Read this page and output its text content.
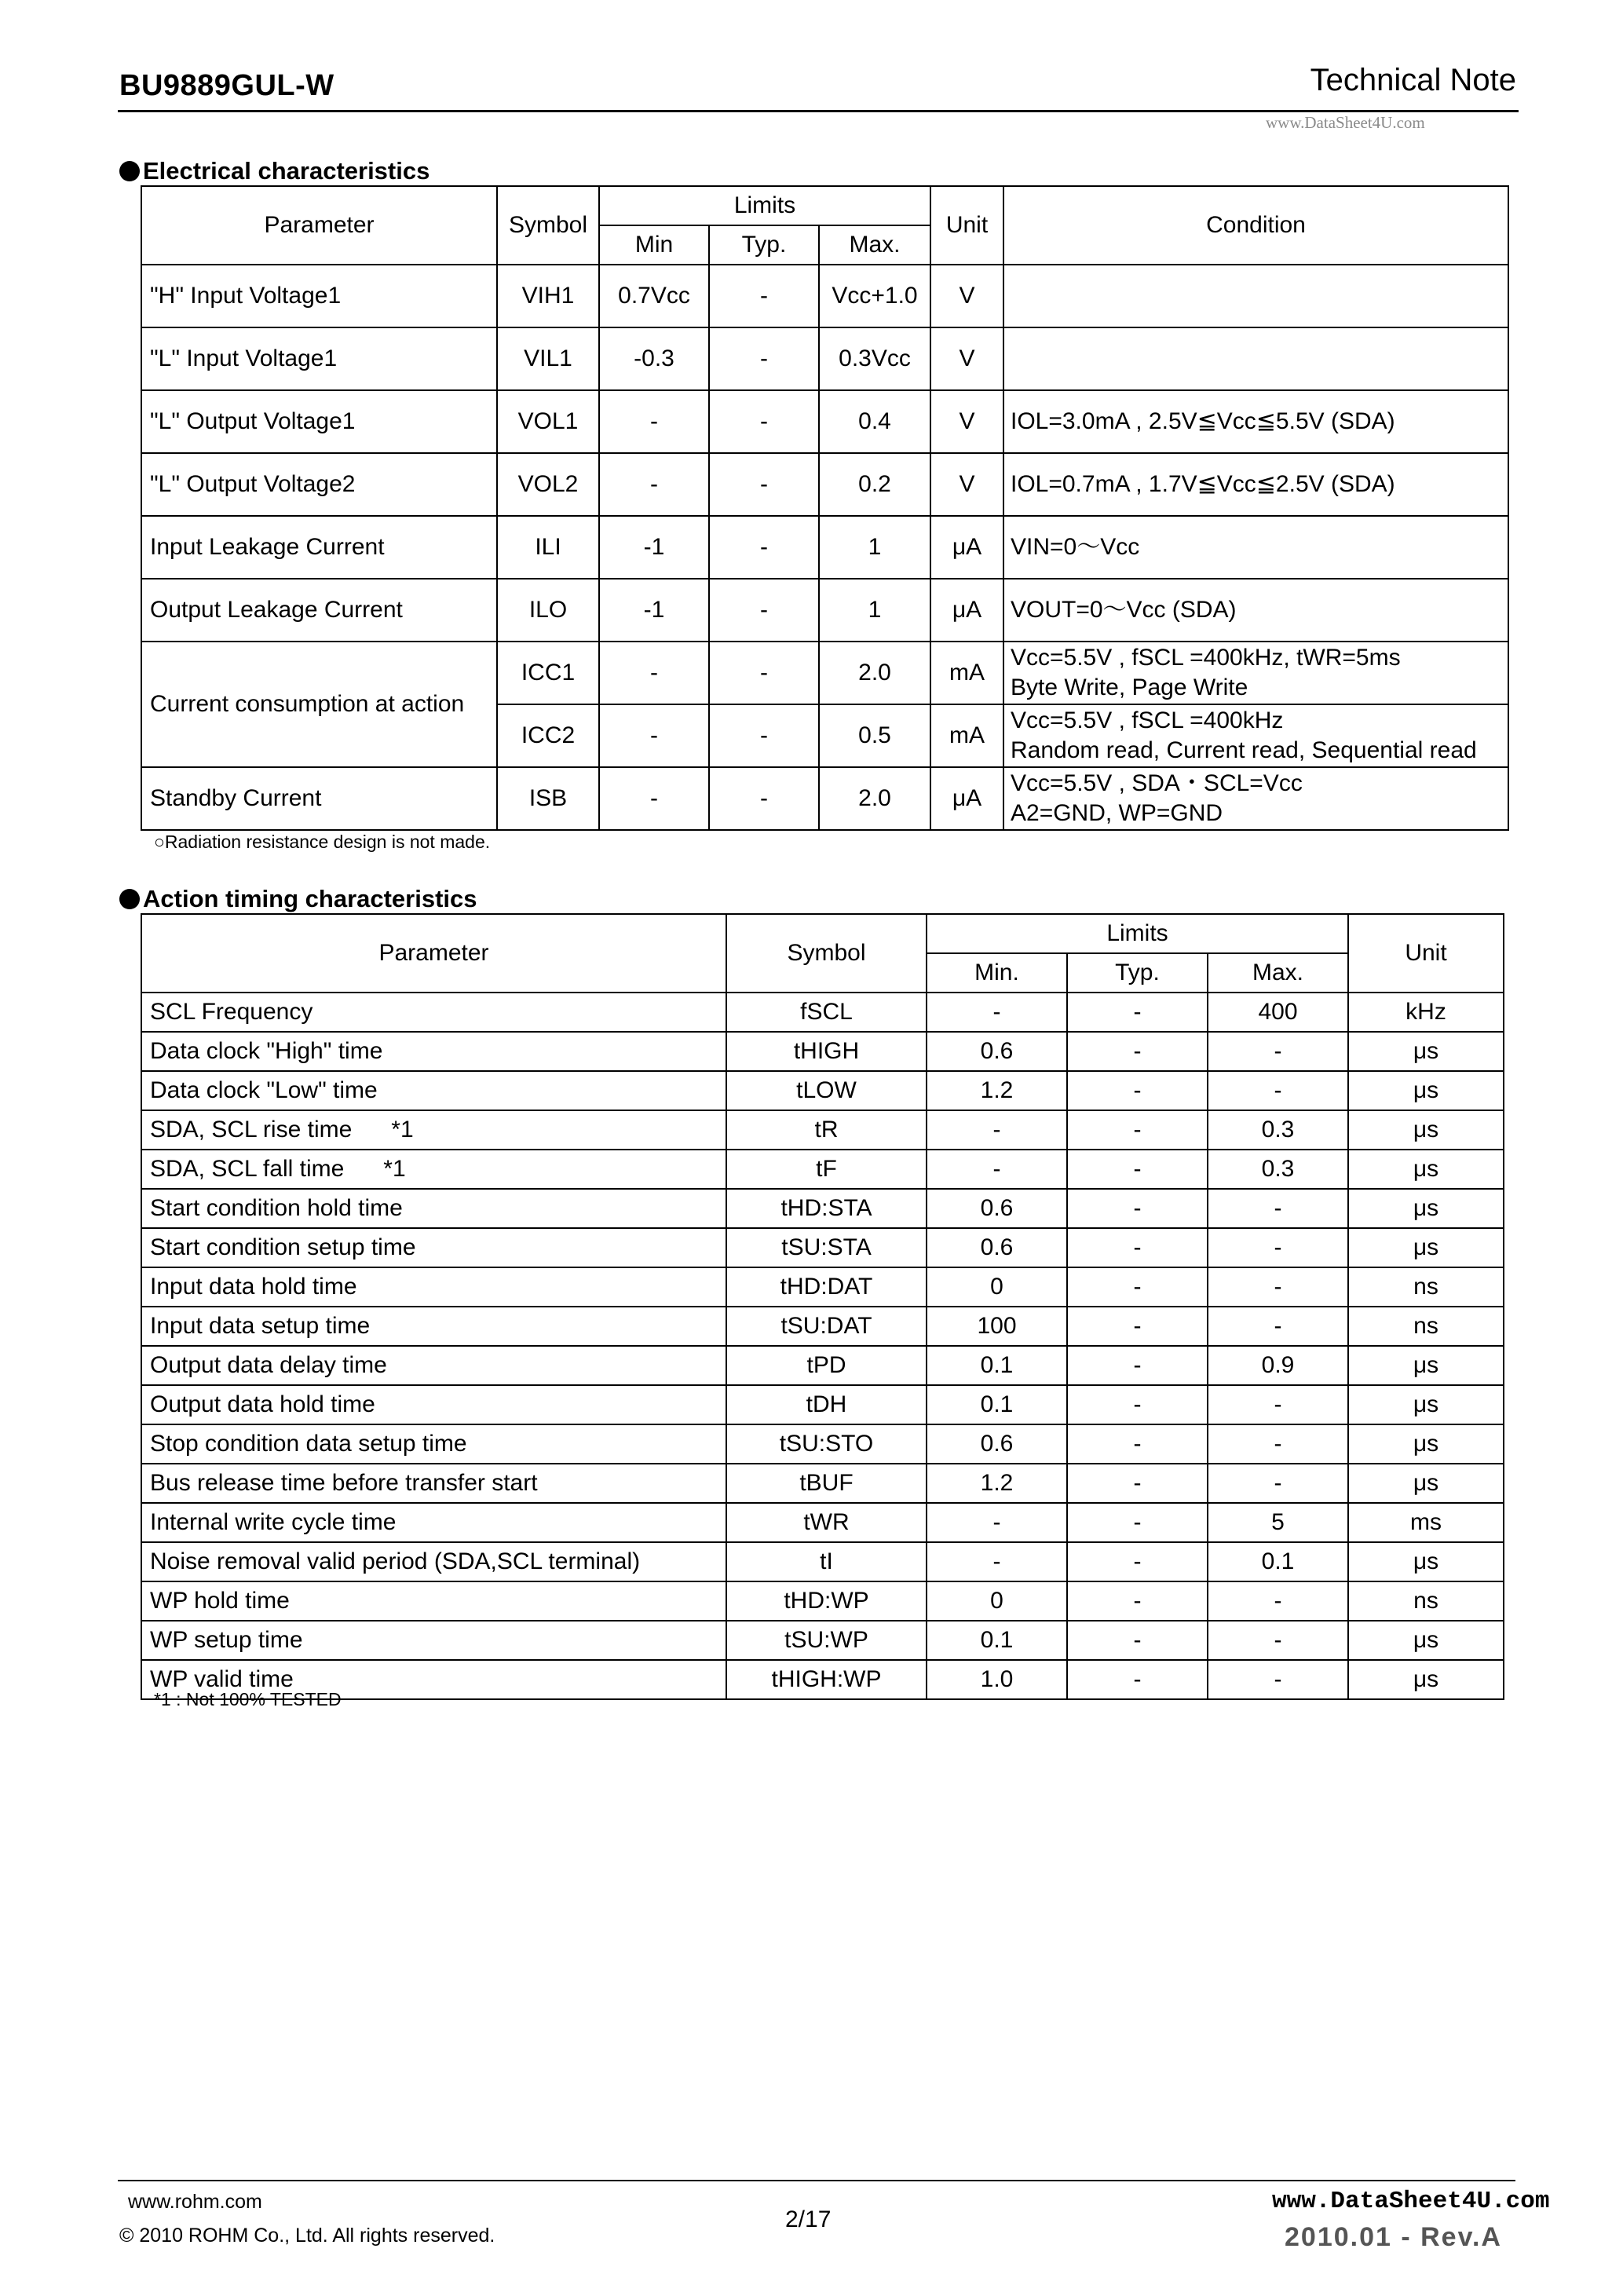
BU9889GUL-W	Technical Note
www.DataSheet4U.com
Electrical characteristics
Parameter	Symbol	Limits			Unit	Condition
		Min	Typ.	Max.		
"H" Input Voltage1	VIH1	0.7Vcc	-	Vcc+1.0	V	
"L" Input Voltage1	VIL1	-0.3	-	0.3Vcc	V	
"L" Output Voltage1	VOL1	-	-	0.4	V	IOL=3.0mA , 2.5V≦Vcc≦5.5V (SDA)
"L" Output Voltage2	VOL2	-	-	0.2	V	IOL=0.7mA , 1.7V≦Vcc≦2.5V (SDA)
Input Leakage Current	ILI	-1	-	1	μA	VIN=0～Vcc
Output Leakage Current	ILO	-1	-	1	μA	VOUT=0～Vcc (SDA)
Current consumption at action	ICC1	-	-	2.0	mA	Vcc=5.5V , fSCL =400kHz, tWR=5ms
Byte Write, Page Write

	ICC2	-	-	0.5	mA	Vcc=5.5V , fSCL =400kHz
Random read, Current read, Sequential read

Standby Current	ISB	-	-	2.0	μA	Vcc=5.5V , SDA・SCL=Vcc
A2=GND, WP=GND
○Radiation resistance design is not made.
Action timing characteristics
Parameter	Symbol	Limits			Unit
		Min.	Typ.	Max.	
SCL Frequency	fSCL	-	-	400	kHz
Data clock "High" time	tHIGH	0.6	-	-	μs
Data clock "Low" time	tLOW	1.2	-	-	μs
SDA, SCL rise time      *1	tR	-	-	0.3	μs
SDA, SCL fall time      *1	tF	-	-	0.3	μs
Start condition hold time	tHD:STA	0.6	-	-	μs
Start condition setup time	tSU:STA	0.6	-	-	μs
Input data hold time	tHD:DAT	0	-	-	ns
Input data setup time	tSU:DAT	100	-	-	ns
Output data delay time	tPD	0.1	-	0.9	μs
Output data hold time	tDH	0.1	-	-	μs
Stop condition data setup time	tSU:STO	0.6	-	-	μs
Bus release time before transfer start	tBUF	1.2	-	-	μs
Internal write cycle time	tWR	-	-	5	ms
Noise removal valid period (SDA,SCL terminal)	tI	-	-	0.1	μs
WP hold time	tHD:WP	0	-	-	ns
WP setup time	tSU:WP	0.1	-	-	μs
WP valid time	tHIGH:WP	1.0	-	-	μs
*1 : Not 100% TESTED
www.rohm.com
© 2010 ROHM Co., Ltd. All rights reserved.
2/17
2010.01 - Rev.A
www.DataSheet4U.com
